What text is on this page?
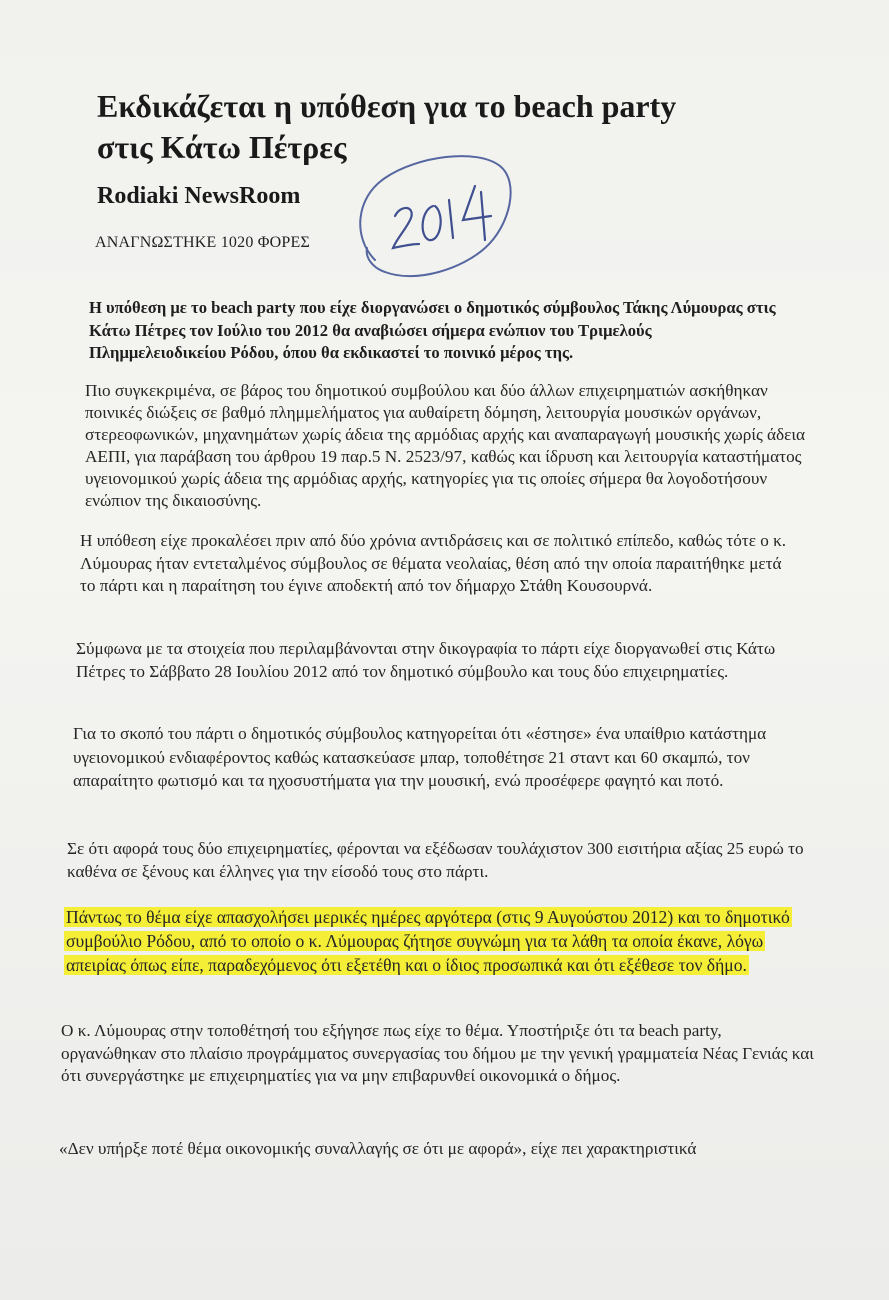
Εκδικάζεται η υπόθεση για το beach party
στις Κάτω Πέτρες
Rodiaki NewsRoom
ΑΝΑΓΝΩΣΤΗΚΕ 1020 ΦΟΡΕΣ

Η υπόθεση με το beach party που είχε διοργανώσει ο δημοτικός σύμβουλος Τάκης Λύμουρας στις Κάτω Πέτρες τον Ιούλιο του 2012 θα αναβιώσει σήμερα ενώπιον του Τριμελούς Πλημμελειοδικείου Ρόδου, όπου θα εκδικαστεί το ποινικό μέρος της.

Πιο συγκεκριμένα, σε βάρος του δημοτικού συμβούλου και δύο άλλων επιχειρηματιών ασκήθηκαν ποινικές διώξεις σε βαθμό πλημμελήματος για αυθαίρετη δόμηση, λειτουργία μουσικών οργάνων, στερεοφωνικών, μηχανημάτων χωρίς άδεια της αρμόδιας αρχής και αναπαραγωγή μουσικής χωρίς άδεια ΑΕΠΙ, για παράβαση του άρθρου 19 παρ.5 Ν. 2523/97, καθώς και ίδρυση και λειτουργία καταστήματος υγειονομικού χωρίς άδεια της αρμόδιας αρχής, κατηγορίες για τις οποίες σήμερα θα λογοδοτήσουν ενώπιον της δικαιοσύνης.

Η υπόθεση είχε προκαλέσει πριν από δύο χρόνια αντιδράσεις και σε πολιτικό επίπεδο, καθώς τότε ο κ. Λύμουρας ήταν εντεταλμένος σύμβουλος σε θέματα νεολαίας, θέση από την οποία παραιτήθηκε μετά το πάρτι και η παραίτηση του έγινε αποδεκτή από τον δήμαρχο Στάθη Κουσουρνά.

Σύμφωνα με τα στοιχεία που περιλαμβάνονται στην δικογραφία το πάρτι είχε διοργανωθεί στις Κάτω Πέτρες το Σάββατο 28 Ιουλίου 2012 από τον δημοτικό σύμβουλο και τους δύο επιχειρηματίες.

Για το σκοπό του πάρτι ο δημοτικός σύμβουλος κατηγορείται ότι «έστησε» ένα υπαίθριο κατάστημα υγειονομικού ενδιαφέροντος καθώς κατασκεύασε μπαρ, τοποθέτησε 21 σταντ και 60 σκαμπώ, τον απαραίτητο φωτισμό και τα ηχοσυστήματα για την μουσική, ενώ προσέφερε φαγητό και ποτό.

Σε ότι αφορά τους δύο επιχειρηματίες, φέρονται να εξέδωσαν τουλάχιστον 300 εισιτήρια αξίας 25 ευρώ το καθένα σε ξένους και έλληνες για την είσοδό τους στο πάρτι.

Πάντως το θέμα είχε απασχολήσει μερικές ημέρες αργότερα (στις 9 Αυγούστου 2012) και το δημοτικό συμβούλιο Ρόδου, από το οποίο ο κ. Λύμουρας ζήτησε συγνώμη για τα λάθη τα οποία έκανε, λόγω απειρίας όπως είπε, παραδεχόμενος ότι εξετέθη και ο ίδιος προσωπικά και ότι εξέθεσε τον δήμο.

Ο κ. Λύμουρας στην τοποθέτησή του εξήγησε πως είχε το θέμα. Υποστήριξε ότι τα beach party, οργανώθηκαν στο πλαίσιο προγράμματος συνεργασίας του δήμου με την γενική γραμματεία Νέας Γενιάς και ότι συνεργάστηκε με επιχειρηματίες για να μην επιβαρυνθεί οικονομικά ο δήμος.

«Δεν υπήρξε ποτέ θέμα οικονομικής συναλλαγής σε ότι με αφορά», είχε πει χαρακτηριστικά
